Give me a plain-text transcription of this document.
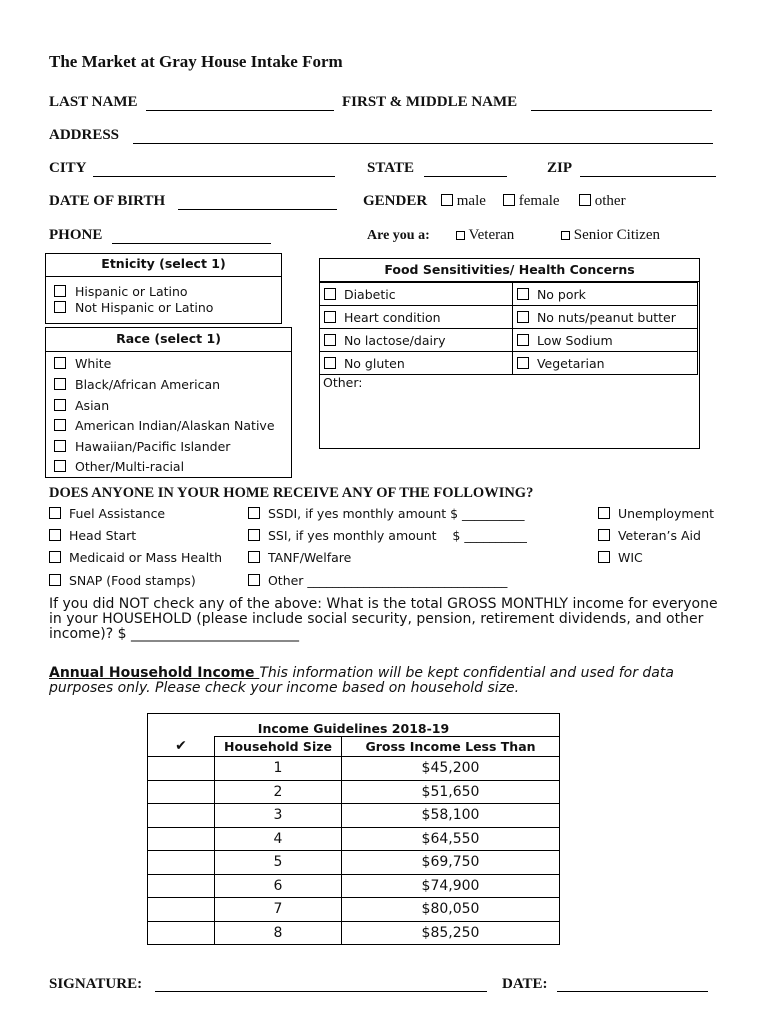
The Market at Gray House Intake Form
LAST NAME	FIRST & MIDDLE NAME
ADDRESS
CITY	STATE	ZIP
DATE OF BIRTH	GENDER	male	female	other
PHONE	Are you a:	Veteran	Senior Citizen
Etnicity (select 1)
Hispanic or Latino
Not Hispanic or Latino
Race (select 1)
White
Black/African American
Asian
American Indian/Alaskan Native
Hawaiian/Pacific Islander
Other/Multi-racial
Food Sensitivities/ Health Concerns
Diabetic	No pork
Heart condition	No nuts/peanut butter
No lactose/dairy	Low Sodium
No gluten	Vegetarian
Other:
DOES ANYONE IN YOUR HOME RECEIVE ANY OF THE FOLLOWING?
Fuel Assistance
Head Start
Medicaid or Mass Health
SNAP (Food stamps)
SSDI, if yes monthly amount $ __________
SSI, if yes monthly amount    $ __________
TANF/Welfare
Other ________________________________
Unemployment
Veteran’s Aid
WIC
If you did NOT check any of the above: What is the total GROSS MONTHLY income for everyone
in your HOUSEHOLD (please include social security, pension, retirement dividends, and other
income)? $ ________________________
Annual Household Income This information will be kept confidential and used for data
purposes only. Please check your income based on household size.
Income Guidelines 2018-19		
✔	Household Size	Gross Income Less Than
	1	$45,200
	2	$51,650
	3	$58,100
	4	$64,550
	5	$69,750
	6	$74,900
	7	$80,050
	8	$85,250
SIGNATURE:	DATE:
